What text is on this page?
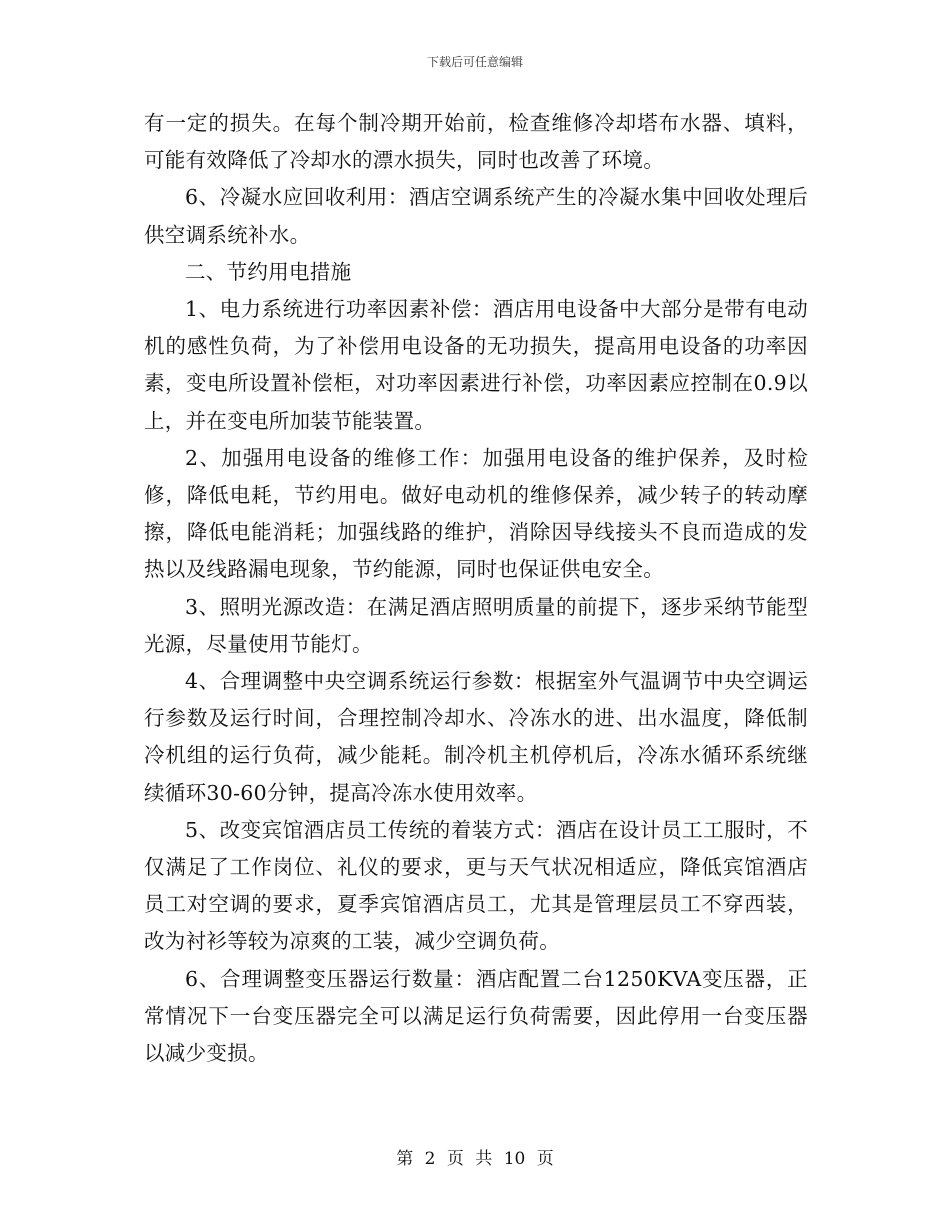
下载后可任意编辑

有一定的损失。在每个制冷期开始前，检查维修冷却塔布水器、填料，可能有效降低了冷却水的漂水损失，同时也改善了环境。

6、冷凝水应回收利用：酒店空调系统产生的冷凝水集中回收处理后供空调系统补水。

二、节约用电措施

1、电力系统进行功率因素补偿：酒店用电设备中大部分是带有电动机的感性负荷，为了补偿用电设备的无功损失，提高用电设备的功率因素，变电所设置补偿柜，对功率因素进行补偿，功率因素应控制在0.9以上，并在变电所加装节能装置。

2、加强用电设备的维修工作：加强用电设备的维护保养，及时检修，降低电耗，节约用电。做好电动机的维修保养，减少转子的转动摩擦，降低电能消耗；加强线路的维护，消除因导线接头不良而造成的发热以及线路漏电现象，节约能源，同时也保证供电安全。

3、照明光源改造：在满足酒店照明质量的前提下，逐步采纳节能型光源，尽量使用节能灯。

4、合理调整中央空调系统运行参数：根据室外气温调节中央空调运行参数及运行时间，合理控制冷却水、冷冻水的进、出水温度，降低制冷机组的运行负荷，减少能耗。制冷机主机停机后，冷冻水循环系统继续循环30-60分钟，提高冷冻水使用效率。

5、改变宾馆酒店员工传统的着装方式：酒店在设计员工工服时，不仅满足了工作岗位、礼仪的要求，更与天气状况相适应，降低宾馆酒店员工对空调的要求，夏季宾馆酒店员工，尤其是管理层员工不穿西装，改为衬衫等较为凉爽的工装，减少空调负荷。

6、合理调整变压器运行数量：酒店配置二台1250KVA变压器，正常情况下一台变压器完全可以满足运行负荷需要，因此停用一台变压器以减少变损。

第 2 页 共 10 页
